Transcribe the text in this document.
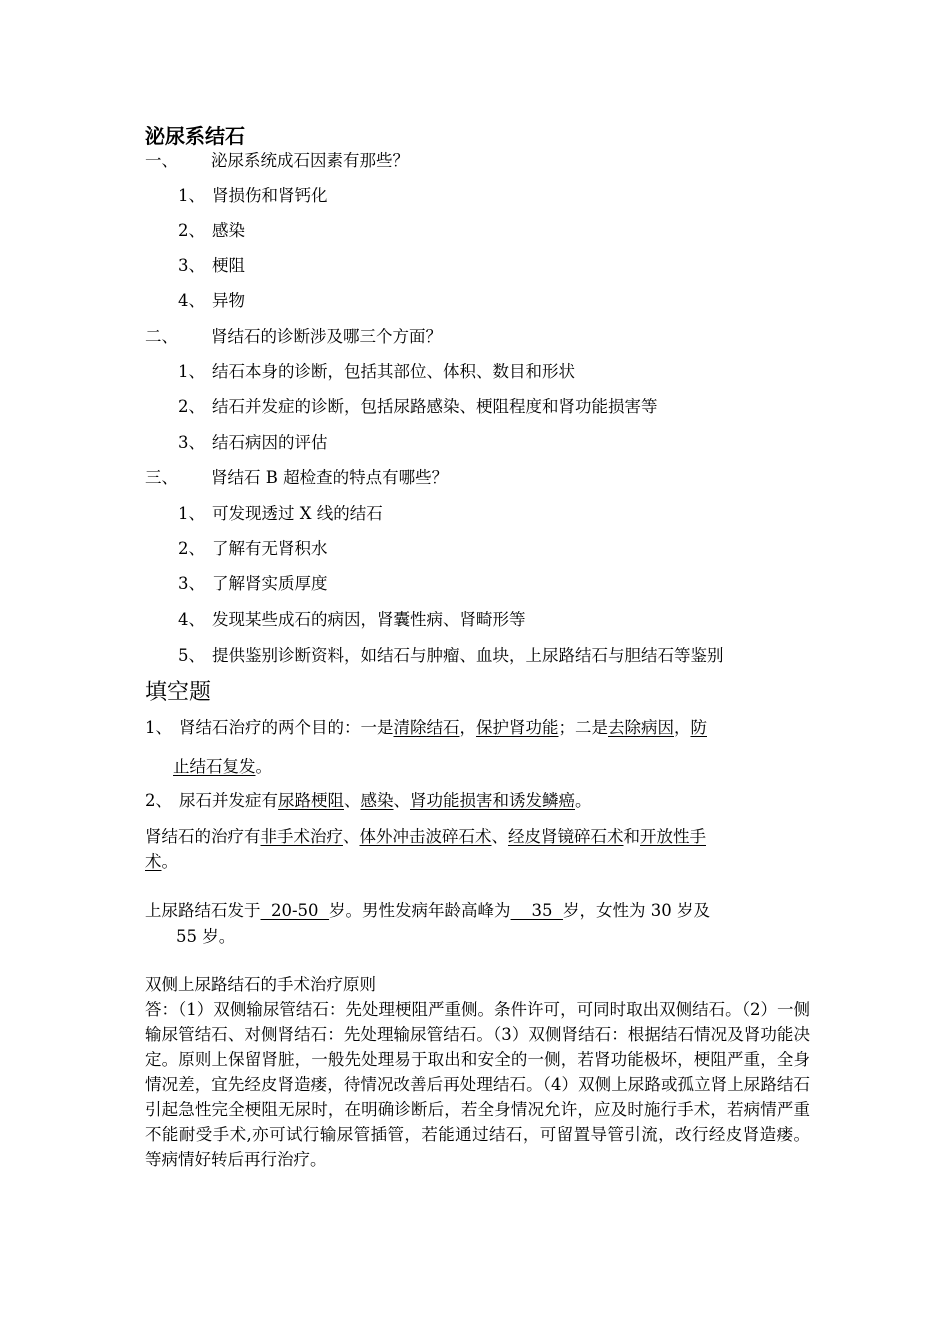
泌尿系结石
一、 泌尿系统成石因素有那些？
1、 肾损伤和肾钙化
2、 感染
3、 梗阻
4、 异物
二、 肾结石的诊断涉及哪三个方面？
1、 结石本身的诊断，包括其部位、体积、数目和形状
2、 结石并发症的诊断，包括尿路感染、梗阻程度和肾功能损害等
3、 结石病因的评估
三、 肾结石 B 超检查的特点有哪些？
1、 可发现透过 X 线的结石
2、 了解有无肾积水
3、 了解肾实质厚度
4、 发现某些成石的病因，肾囊性病、肾畸形等
5、 提供鉴别诊断资料，如结石与肿瘤、血块，上尿路结石与胆结石等鉴别
填空题
1、 肾结石治疗的两个目的：一是清除结石，保护肾功能；二是去除病因，防
止结石复发。
2、 尿石并发症有尿路梗阻、感染、肾功能损害和诱发鳞癌。
肾结石的治疗有非手术治疗、体外冲击波碎石术、经皮肾镜碎石术和开放性手
术。
上尿路结石发于  20-50  岁。男性发病年龄高峰为    35  岁，女性为 30 岁及
55 岁。
双侧上尿路结石的手术治疗原则
答：（1）双侧输尿管结石：先处理梗阻严重侧。条件许可，可同时取出双侧结石。（2）一侧输尿管结石、对侧肾结石：先处理输尿管结石。（3）双侧肾结石：根据结石情况及肾功能决定。原则上保留肾脏，一般先处理易于取出和安全的一侧，若肾功能极坏，梗阻严重，全身情况差，宜先经皮肾造瘘，待情况改善后再处理结石。（4）双侧上尿路或孤立肾上尿路结石引起急性完全梗阻无尿时，在明确诊断后，若全身情况允许，应及时施行手术，若病情严重不能耐受手术,亦可试行输尿管插管，若能通过结石，可留置导管引流，改行经皮肾造瘘。等病情好转后再行治疗。
